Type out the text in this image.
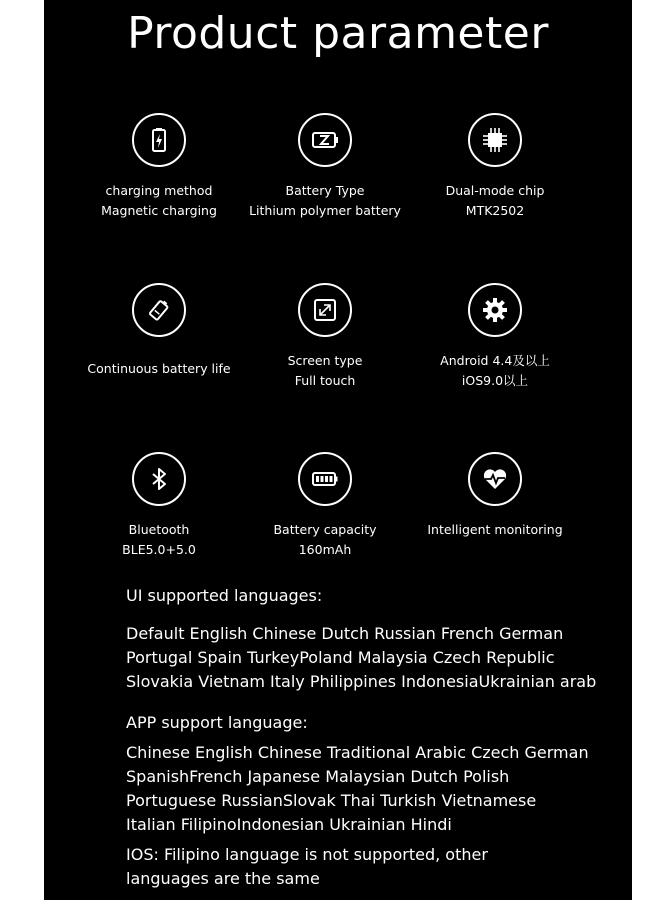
Product parameter
charging method
Magnetic charging
Battery Type
Lithium polymer battery
Dual-mode chip
MTK2502
Continuous battery life
Screen type
Full touch
Android 4.4及以上
iOS9.0以上
Bluetooth
BLE5.0+5.0
Battery capacity
160mAh
Intelligent monitoring
UI supported languages:
Default English Chinese Dutch Russian French German
Portugal Spain TurkeyPoland Malaysia Czech Republic
Slovakia Vietnam Italy Philippines IndonesiaUkrainian arab
APP support language:
Chinese English Chinese Traditional Arabic Czech German
SpanishFrench Japanese Malaysian Dutch Polish
Portuguese RussianSlovak Thai Turkish Vietnamese
Italian FilipinoIndonesian Ukrainian Hindi
IOS: Filipino language is not supported, other
languages are the same
